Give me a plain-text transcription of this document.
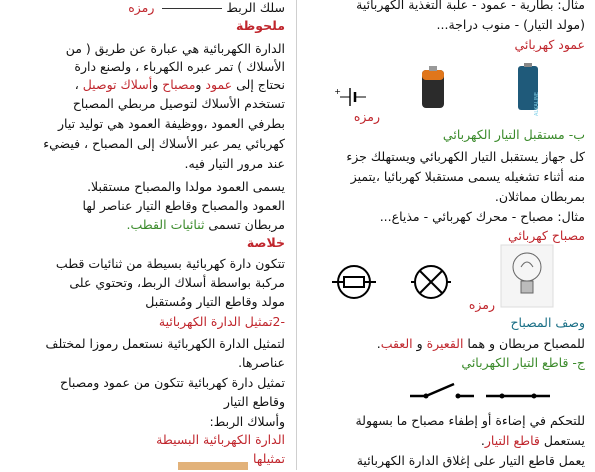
سلك الربط  رمزه
ملحوظة
الدارة الكهربائية هي عبارة عن طريق ( من
الأسلاك ) تمر عبره الكهرباء ، ولصنع دارة
نحتاج إلى عمود ومصباح وأسلاك توصيل ،
تستخدم الأسلاك لتوصيل مربطي المصباح
بطرفي العمود ،ووظيفة العمود هي توليد تيار
كهربائي يمر عبر الأسلاك إلى المصباح ، فيضيء
عند مرور التيار فيه.
يسمى العمود مولدا والمصباح مستقبلا.
العمود والمصباح وقاطع التيار عناصر لها
مربطان تسمى ثنائيات القطب.
خلاصة
تتكون دارة كهربائية بسيطة من ثنائيات قطب
مركبة بواسطة أسلاك الربط، وتحتوي على
مولد وقاطع التيار ومُستقبل
-2تمثيل الدارة الكهربائية
لتمثيل الدارة الكهربائية نستعمل رموزا لمختلف
عناصرها.
تمثيل دارة كهربائية تتكون من عمود ومصباح
وقاطع التيار
وأسلاك الربط:
الدارة الكهربائية البسيطة
تمثيلها
مثال: بطارية - عمود - علبة التغذية الكهربائية
(مولد التيار) - منوب دراجة...
عمود كهربائي
ALKALINE
+
رمزه
ب- مستقبل التيار الكهربائي
كل جهاز يستقبل التيار الكهربائي ويستهلك جزء
منه أثناء تشغيله يسمى مستقبلا كهربائيا ،يتميز
بمربطان مماثلان.
مثال: مصباح - محرك كهربائي - مذياع...
مصباح كهربائي
رمزه
وصف المصباح
للمصباح مربطان و هما القعيرة و العقب.
ج- قاطع التيار الكهربائي
للتحكم في إضاءة أو إطفاء مصباح ما بسهولة
يستعمل قاطع التيار.
يعمل قاطع التيار على إغلاق الدارة الكهربائية
